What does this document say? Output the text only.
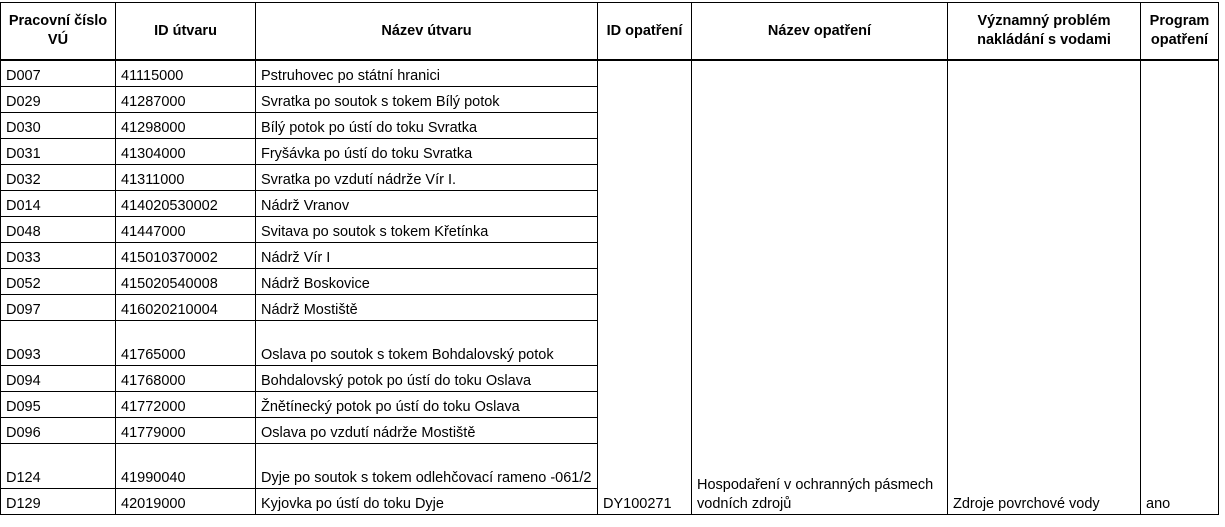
Pracovní číslo VÚ	ID útvaru	Název útvaru	ID opatření	Název opatření	Významný problém nakládání s vodami	Program opatření
D007	41115000	Pstruhovec po státní hranici	DY100271	Hospodaření v ochranných pásmech vodních zdrojů	Zdroje povrchové vody	ano
D029	41287000	Svratka po soutok s tokem Bílý potok				
D030	41298000	Bílý potok po ústí do toku Svratka				
D031	41304000	Fryšávka po ústí do toku Svratka				
D032	41311000	Svratka po vzdutí nádrže Vír I.				
D014	414020530002	Nádrž Vranov				
D048	41447000	Svitava po soutok s tokem Křetínka				
D033	415010370002	Nádrž Vír I				
D052	415020540008	Nádrž Boskovice				
D097	416020210004	Nádrž Mostiště				
D093	41765000	Oslava po soutok s tokem Bohdalovský potok				
D094	41768000	Bohdalovský potok po ústí do toku Oslava				
D095	41772000	Žnětínecký potok po ústí do toku Oslava				
D096	41779000	Oslava po vzdutí nádrže Mostiště				
D124	41990040	Dyje po soutok s tokem odlehčovací rameno -061/2				
D129	42019000	Kyjovka po ústí do toku Dyje				
